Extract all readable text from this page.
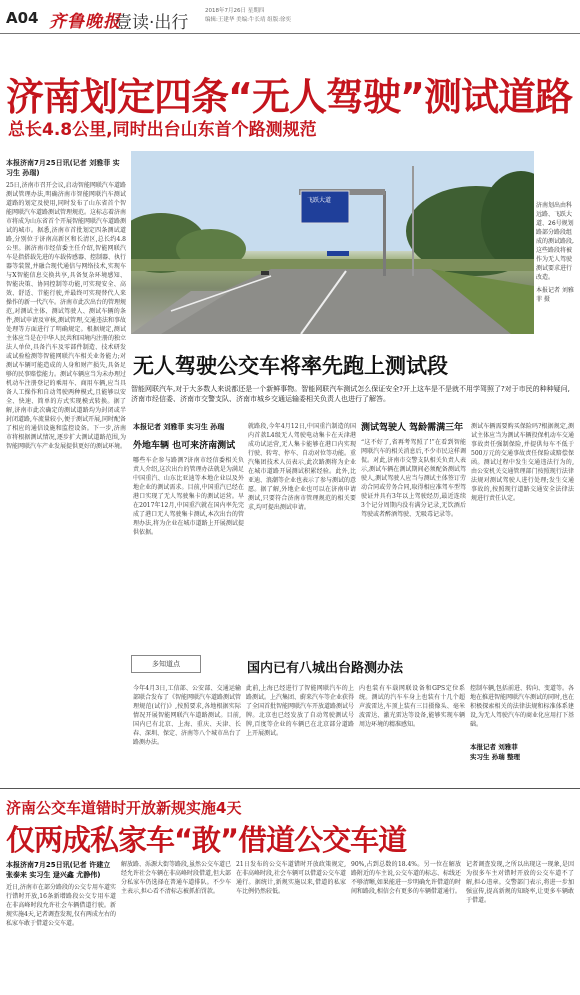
A04 齐鲁晚报
壹读·出行
2018年7月26日 星期四
编辑:王建华 美编:牛长靖 组版:徐奕
济南划定四条“无人驾驶”测试道路
总长4.8公里,同时出台山东首个路测规范
本报济南7月25日讯(记者 刘雅菲 实习生 孙瑞)
25日,济南市召开会议,启动智能网联汽车道路测试管理办法,明确济南市智能网联汽车测试道路的划定及使用,同时发布了山东省首个智能网联汽车道路测试管理规范。这标志着济南市将成为山东省首个开展智能网联汽车道路测试的城市。据悉,济南市首批划定四条测试道路,分别位于济南高新区和长清区,总长约4.8公里。据济南市经信委主任介绍,智能网联汽车是指搭载先进的车载传感器、控制器、执行器等装置,并融合现代通信与网络技术,实现车与X智能信息交换共享,具备复杂环境感知、智能决策、协同控制等功能,可实现安全、高效、舒适、节能行驶,并最终可实现替代人来操作的新一代汽车。济南市此次出台的管理规范,对测试主体、测试驾驶人、测试车辆的条件,测试申请及审核,测试管理,交通违法和事故处理等方面进行了明确规定。根据规定,测试主体应当是在中华人民共和国境内注册的独立法人单位,具备汽车及零部件制造、技术研发或试验检测等智能网联汽车相关业务能力;对测试车辆可能造成的人身和财产损失,具备足够的民事赔偿能力。测试车辆应当为未办理过机动车注册登记的乘用车、商用车辆,应当具备人工操作和自动驾驶两种模式,且能够以安全、快速、简单的方式实现模式转换。据了解,济南市此次确定的测试道路均为封闭或半封闭道路,车流量较小,便于测试开展,同时配备了相应的通信设施和监控设备。下一步,济南市将根据测试情况,逐步扩大测试道路范围,为智能网联汽车产业发展提供更好的测试环境。
飞跃大道
济南划出由科远路、飞跃大道、26号规划路部分路段组成的测试路段,这些路段将被作为无人驾驶测试要求进行改造。
本报记者 刘雅菲 摄
无人驾驶公交车将率先跑上测试段
智能网联汽车,对于大多数人来说都还是一个新鲜事物。智能网联汽车测试怎么保证安全?开上这车是不是就不用学驾照了?对于市民的种种疑问,济南市经信委、济南市交警支队、济南市城乡交通运输委相关负责人也进行了解答。
本报记者 刘雅菲 实习生 孙瑞
外地车辆 也可来济南测试
哪些车企参与路测?济南市经信委相关负责人介绍,这次出台的管理办法就是为满足中国重汽、山东比亚迪等本地企业以及外地企业的测试需求。目前,中国重汽已经在港口实现了无人驾驶集卡的测试运营。早在2017年12月,中国重汽就在国内率先完成了港口无人驾驶集卡测试,本次出台的管理办法,将为企业在城市道路上开展测试提供依据。
就路段,今年4月12日,中国重汽制造的国内首款L4级无人驾驶电动集卡在天津港成功试运营,无人集卡能够在港口内实现行驶、转弯、停车、自动对位等功能。重汽集团技术人员表示,此次路测将为企业在城市道路开展测试积累经验。此外,比亚迪、浪潮等企业也表示了参与测试的意愿。据了解,外地企业也可以在济南申请测试,只要符合济南市管理规范的相关要求,均可提出测试申请。
测试驾驶人 驾龄需满三年
“这不好了,省再考驾照了!”在看到智能网联汽车的相关消息后,不少市民这样调侃。对此,济南市交警支队相关负责人表示,测试车辆在测试期间必须配备测试驾驶人,测试驾驶人应当与测试主体签订劳动合同或劳务合同,取得相应准驾车型驾驶证并具有3年以上驾驶经历,最近连续3个记分周期内没有满分记录,无饮酒后驾驶或者醉酒驾驶、无吸毒记录等。
测试车辆需要购买保险吗?根据规定,测试主体应当为测试车辆投保机动车交通事故责任强制保险,并提供每车不低于500万元的交通事故责任保险或赔偿保函。测试过程中发生交通违法行为的,由公安机关交通管理部门按照现行法律法规对测试驾驶人进行处理;发生交通事故的,按照现行道路交通安全法律法规进行责任认定。
多知道点	国内已有八城出台路测办法
今年4月3日,工信部、公安部、交通运输部联合发布了《智能网联汽车道路测试管理规范(试行)》,按照要求,各地根据实际情况开展智能网联汽车道路测试。目前,国内已有北京、上海、重庆、天津、长春、深圳、保定、济南等八个城市出台了路测办法。
此前,上海已经进行了智能网联汽车的上路测试。上汽集团、蔚来汽车等企业获得了全国首批智能网联汽车开放道路测试号牌。北京也已经发放了自动驾驶测试号牌,百度等企业的车辆已在北京部分道路上开展测试。
内也装有车载网联设备和GPS定位系统。测试的汽车车身上也装有十几个超声波雷达,车顶上装有三目摄像头、毫米波雷达、激光雷达等设备,能够实现车辆周边环境的精准感知。
控制车辆,包括前进、转向、变道等。各地在推进智能网联汽车测试的同时,也在积极探索相关的法律法规和标准体系建设,为无人驾驶汽车的商业化应用打下基础。
本报记者 刘雅菲
实习生 孙瑞 整理
济南公交车道错时开放新规实施4天
仅两成私家车“敢”借道公交车道
本报济南7月25日讯(记者 许建立 张泰来 实习生 逯兴鑫 尤静伟)
近日,济南市在部分路段的公交专用车道实行错时开放,16条新增路段公交专用车道在非高峰时段允许社会车辆借道行驶。新规实施4天,记者调查发现,仅有两成左右的私家车敢于借道公交车道。
解放路、泺源大街等路段,虽然公交车道已经允许社会车辆在非高峰时段借道,但大部分私家车仍选择在普通车道排队。不少车主表示,担心看不清标志被抓拍罚款。
21日发布的公交车道错时开放政策规定,在非高峰时段,社会车辆可以借道公交车道通行。据统计,新规实施以来,借道的私家车比例仍然较低。
90%,占到总数的18.4%。另一位在解放路附近的车主说,公交车道的标志、标线还不够清晰,如果能进一步明确允许借道的时间和路段,相信会有更多的车辆借道通行。
记者调查发现,之所以出现这一现象,是因为很多车主对错时开放的公交车道不了解,担心违章。交警部门表示,将进一步加强宣传,提高新规的知晓率,让更多车辆敢于借道。
